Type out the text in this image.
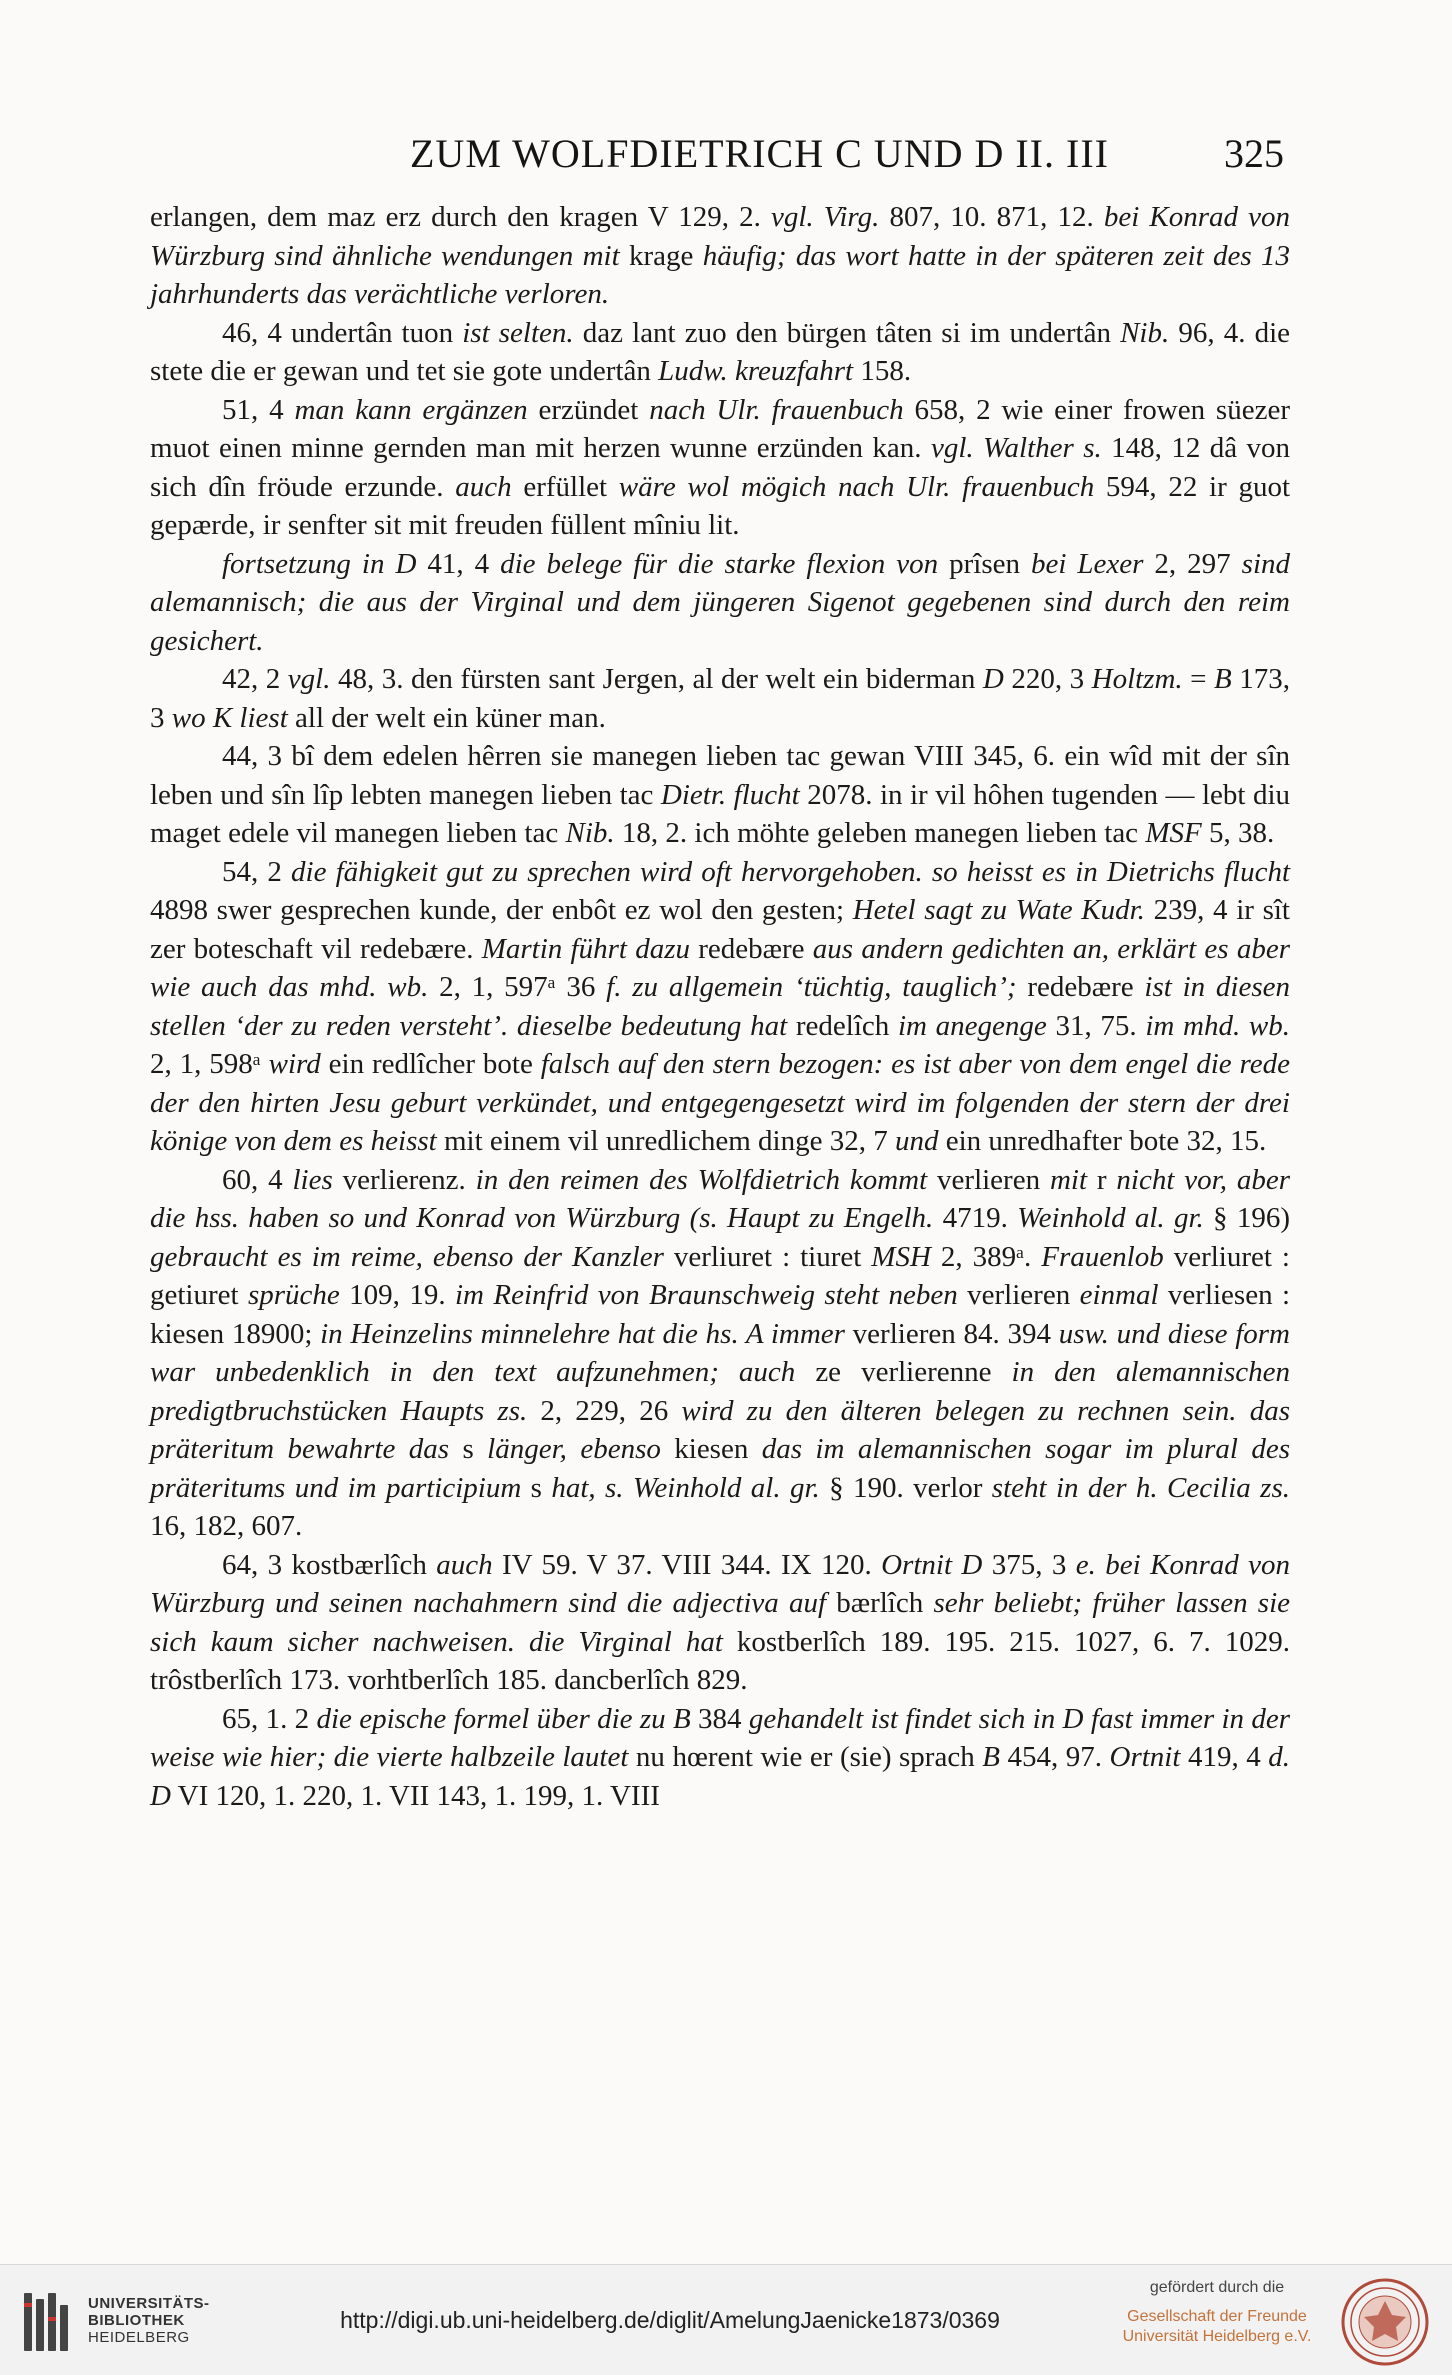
ZUM WOLFDIETRICH C UND D II. III	325

erlangen, dem maz erz durch den kragen V 129, 2. vgl. Virg. 807, 10. 871, 12. bei Konrad von Würzburg sind ähnliche wendungen mit krage häufig; das wort hatte in der späteren zeit des 13 jahrhunderts das verächtliche verloren.

46, 4 undertân tuon ist selten. daz lant zuo den bürgen tâten si im undertân Nib. 96, 4. die stete die er gewan und tet sie gote undertân Ludw. kreuzfahrt 158.

51, 4 man kann ergänzen erzündet nach Ulr. frauenbuch 658, 2 wie einer frowen süezer muot einen minne gernden man mit herzen wunne erzünden kan. vgl. Walther s. 148, 12 dâ von sich dîn fröude erzunde. auch erfüllet wäre wol mögich nach Ulr. frauenbuch 594, 22 ir guot gepærde, ir senfter sit mit freuden füllent mîniu lit.

fortsetzung in D 41, 4 die belege für die starke flexion von prîsen bei Lexer 2, 297 sind alemannisch; die aus der Virginal und dem jüngeren Sigenot gegebenen sind durch den reim gesichert.

42, 2 vgl. 48, 3. den fürsten sant Jergen, al der welt ein biderman D 220, 3 Holtzm. = B 173, 3 wo K liest all der welt ein küner man.

44, 3 bî dem edelen hêrren sie manegen lieben tac gewan VIII 345, 6. ein wîd mit der sîn leben und sîn lîp lebten manegen lieben tac Dietr. flucht 2078. in ir vil hôhen tugenden — lebt diu maget edele vil manegen lieben tac Nib. 18, 2. ich möhte geleben manegen lieben tac MSF 5, 38.

54, 2 die fähigkeit gut zu sprechen wird oft hervorgehoben. so heisst es in Dietrichs flucht 4898 swer gesprechen kunde, der enbôt ez wol den gesten; Hetel sagt zu Wate Kudr. 239, 4 ir sît zer boteschaft vil redebære. Martin führt dazu redebære aus andern gedichten an, erklärt es aber wie auch das mhd. wb. 2, 1, 597ᵃ 36 f. zu allgemein ‘tüchtig, tauglich’; redebære ist in diesen stellen ‘der zu reden versteht’. dieselbe bedeutung hat redelîch im anegenge 31, 75. im mhd. wb. 2, 1, 598ᵃ wird ein redlîcher bote falsch auf den stern bezogen: es ist aber von dem engel die rede der den hirten Jesu geburt verkündet, und entgegengesetzt wird im folgenden der stern der drei könige von dem es heisst mit einem vil unredlichem dinge 32, 7 und ein unredhafter bote 32, 15.

60, 4 lies verlierenz. in den reimen des Wolfdietrich kommt verlieren mit r nicht vor, aber die hss. haben so und Konrad von Würzburg (s. Haupt zu Engelh. 4719. Weinhold al. gr. § 196) gebraucht es im reime, ebenso der Kanzler verliuret : tiuret MSH 2, 389ᵃ. Frauenlob verliuret : getiuret sprüche 109, 19. im Reinfrid von Braunschweig steht neben verlieren einmal verliesen : kiesen 18900; in Heinzelins minnelehre hat die hs. A immer verlieren 84. 394 usw. und diese form war unbedenklich in den text aufzunehmen; auch ze verlierenne in den alemannischen predigtbruchstücken Haupts zs. 2, 229, 26 wird zu den älteren belegen zu rechnen sein. das präteritum bewahrte das s länger, ebenso kiesen das im alemannischen sogar im plural des präteritums und im participium s hat, s. Weinhold al. gr. § 190. verlor steht in der h. Cecilia zs. 16, 182, 607.

64, 3 kostbærlîch auch IV 59. V 37. VIII 344. IX 120. Ortnit D 375, 3 e. bei Konrad von Würzburg und seinen nachahmern sind die adjectiva auf bærlîch sehr beliebt; früher lassen sie sich kaum sicher nachweisen. die Virginal hat kostberlîch 189. 195. 215. 1027, 6. 7. 1029. trôstberlîch 173. vorhtberlîch 185. dancberlîch 829.

65, 1. 2 die epische formel über die zu B 384 gehandelt ist findet sich in D fast immer in der weise wie hier; die vierte halbzeile lautet nu hœrent wie er (sie) sprach B 454, 97. Ortnit 419, 4 d. D VI 120, 1. 220, 1. VII 143, 1. 199, 1. VIII

UNIVERSITÄTS-
BIBLIOTHEK
HEIDELBERG
http://digi.ub.uni-heidelberg.de/diglit/AmelungJaenicke1873/0369
gefördert durch die
Gesellschaft der Freunde
Universität Heidelberg e.V.
